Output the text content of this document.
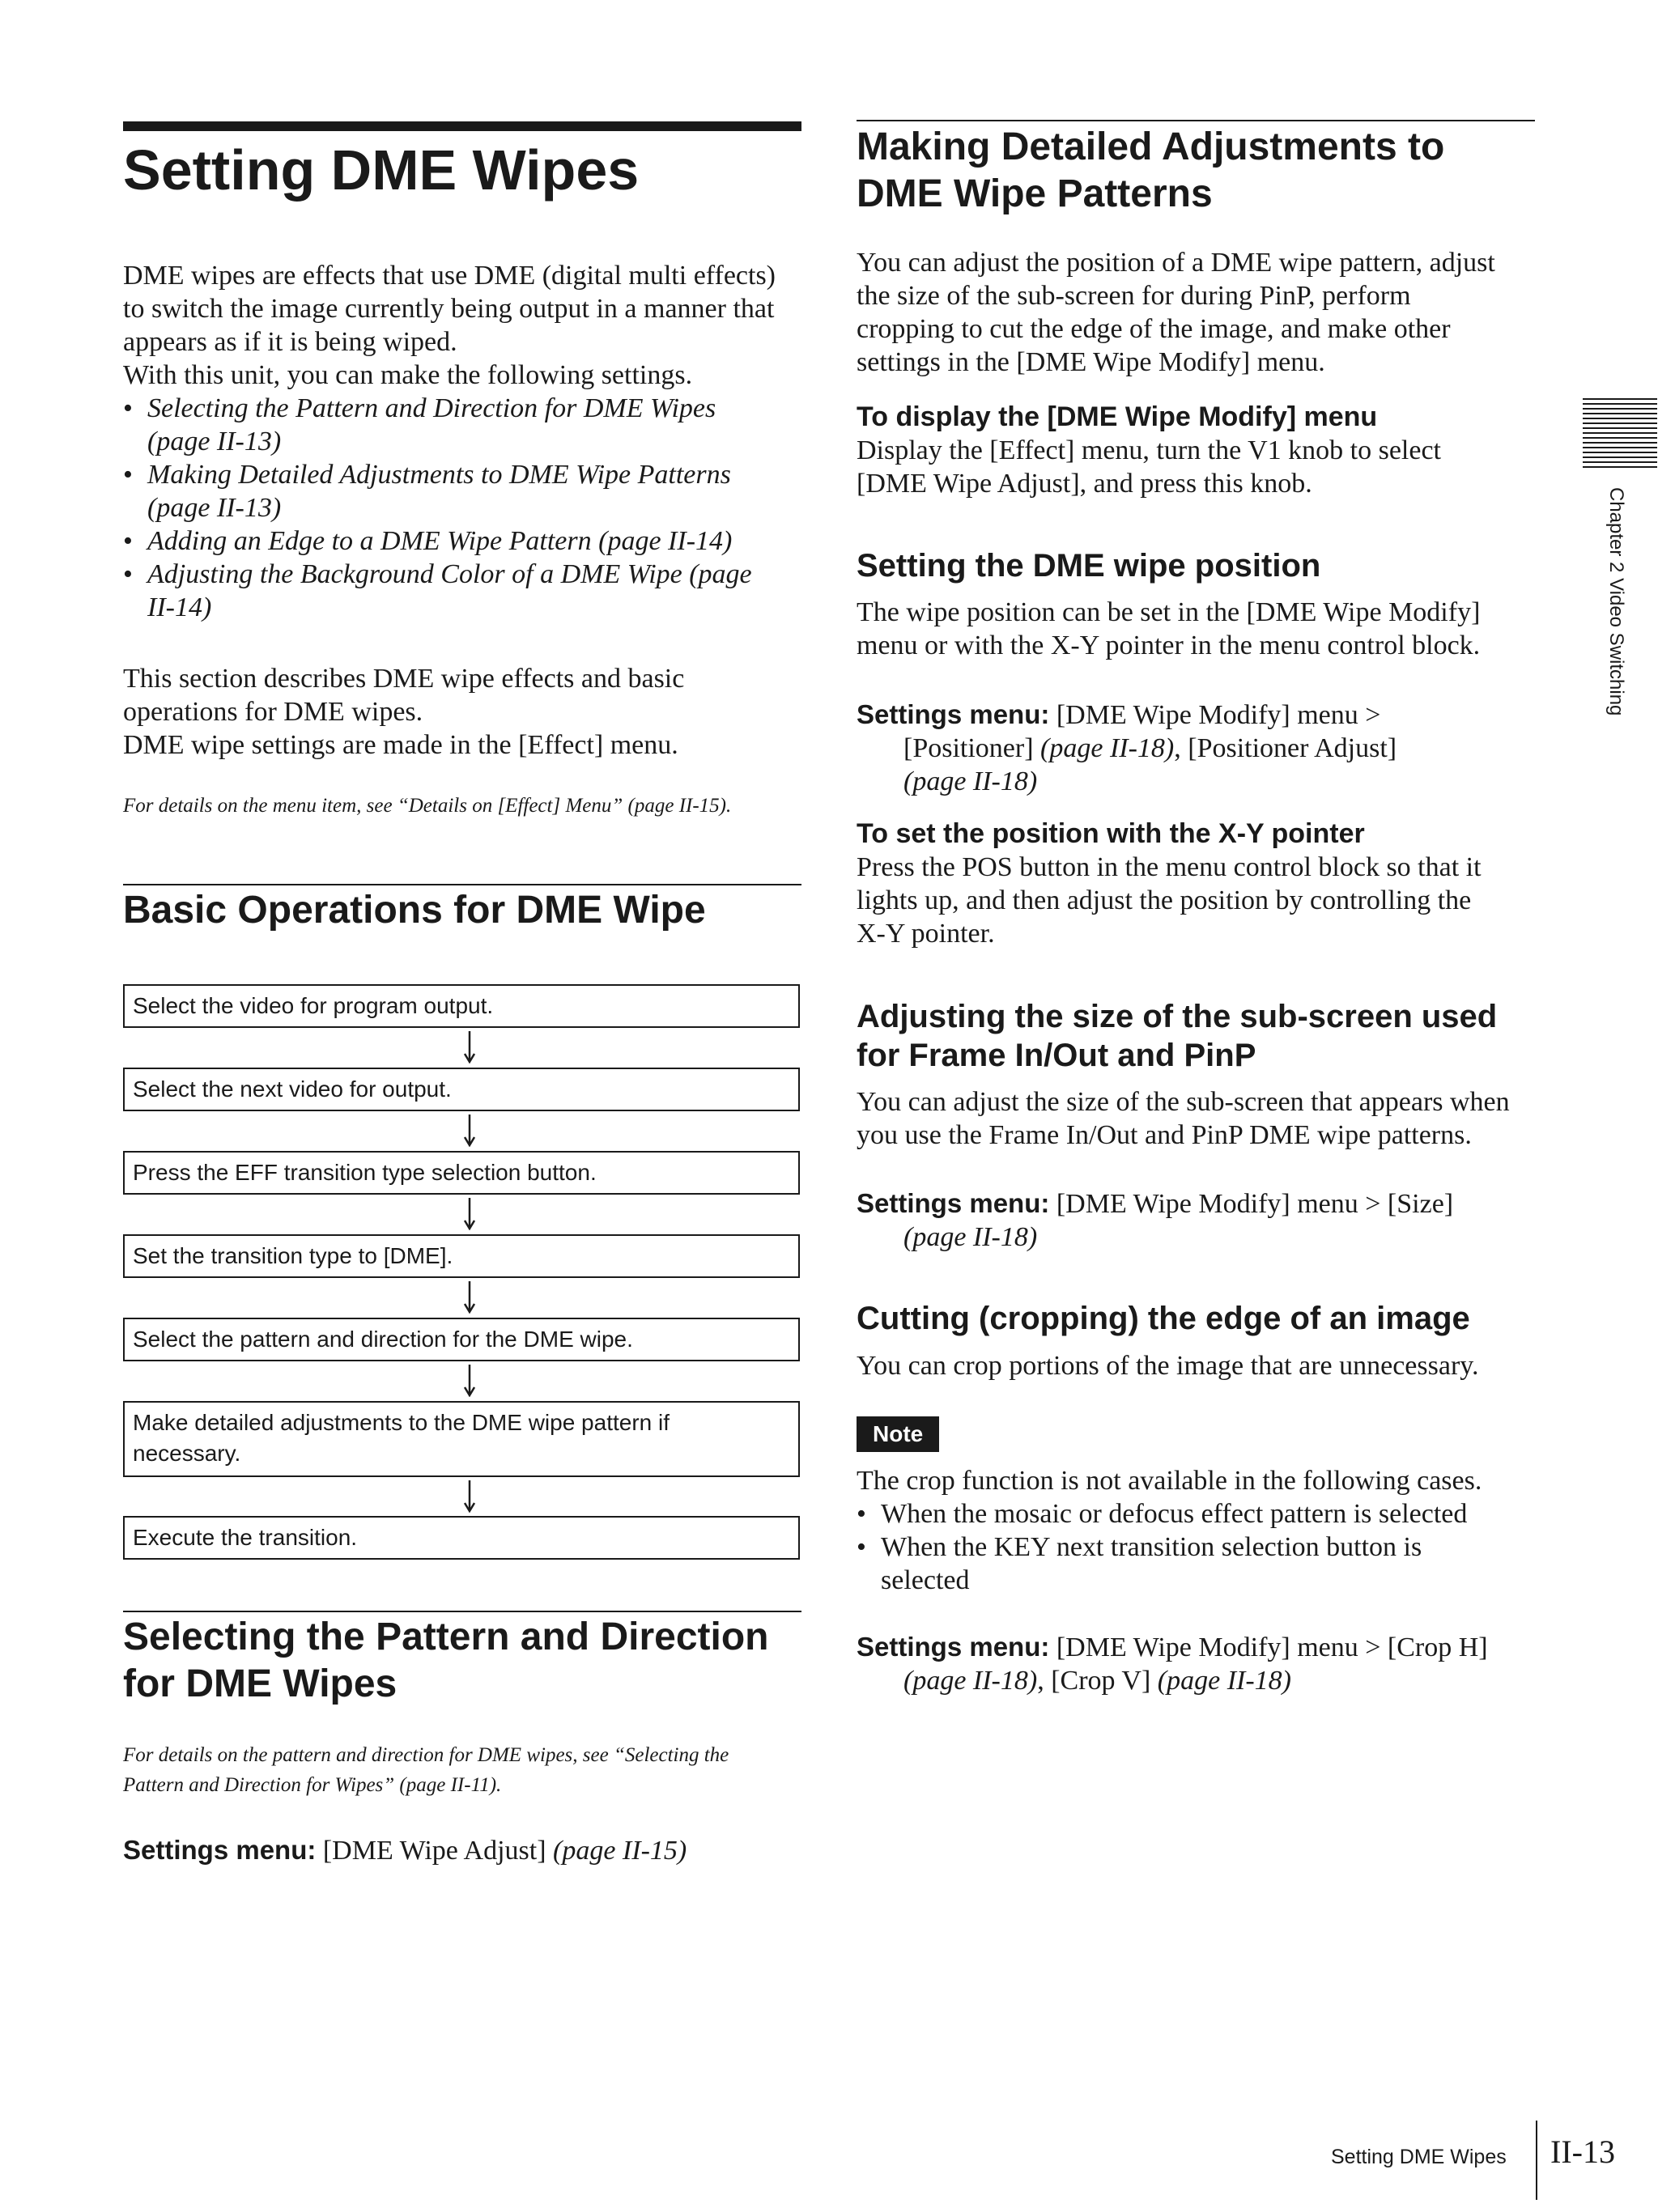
Setting DME Wipes

DME wipes are effects that use DME (digital multi effects)
to switch the image currently being output in a manner that
appears as if it is being wiped.
With this unit, you can make the following settings.

• Selecting the Pattern and Direction for DME Wipes
(page II-13)
• Making Detailed Adjustments to DME Wipe Patterns
(page II-13)
• Adding an Edge to a DME Wipe Pattern (page II-14)
• Adjusting the Background Color of a DME Wipe (page
II-14)

This section describes DME wipe effects and basic
operations for DME wipes.
DME wipe settings are made in the [Effect] menu.

For details on the menu item, see “Details on [Effect] Menu” (page II-15).

Basic Operations for DME Wipe
Select the video for program output.
Select the next video for output.
Press the EFF transition type selection button.
Set the transition type to [DME].
Select the pattern and direction for the DME wipe.
Make detailed adjustments to the DME wipe pattern if necessary.
Execute the transition.
Selecting the Pattern and Direction
for DME Wipes

For details on the pattern and direction for DME wipes, see “Selecting the
Pattern and Direction for Wipes” (page II-11).

Settings menu: [DME Wipe Adjust] (page II-15)

Making Detailed Adjustments to
DME Wipe Patterns

You can adjust the position of a DME wipe pattern, adjust
the size of the sub-screen for during PinP, perform
cropping to cut the edge of the image, and make other
settings in the [DME Wipe Modify] menu.

To display the [DME Wipe Modify] menu

Display the [Effect] menu, turn the V1 knob to select
[DME Wipe Adjust], and press this knob.

Setting the DME wipe position

The wipe position can be set in the [DME Wipe Modify]
menu or with the X-Y pointer in the menu control block.

Settings menu: [DME Wipe Modify] menu >
[Positioner] (page II-18), [Positioner Adjust]
(page II-18)

To set the position with the X-Y pointer

Press the POS button in the menu control block so that it
lights up, and then adjust the position by controlling the
X-Y pointer.

Adjusting the size of the sub-screen used
for Frame In/Out and PinP

You can adjust the size of the sub-screen that appears when
you use the Frame In/Out and PinP DME wipe patterns.

Settings menu: [DME Wipe Modify] menu > [Size]
(page II-18)

Cutting (cropping) the edge of an image

You can crop portions of the image that are unnecessary.

Note

The crop function is not available in the following cases.

• When the mosaic or defocus effect pattern is selected
• When the KEY next transition selection button is
selected

Settings menu: [DME Wipe Modify] menu > [Crop H]
(page II-18), [Crop V] (page II-18)

Chapter 2 Video Switching
Setting DME Wipes II-13
